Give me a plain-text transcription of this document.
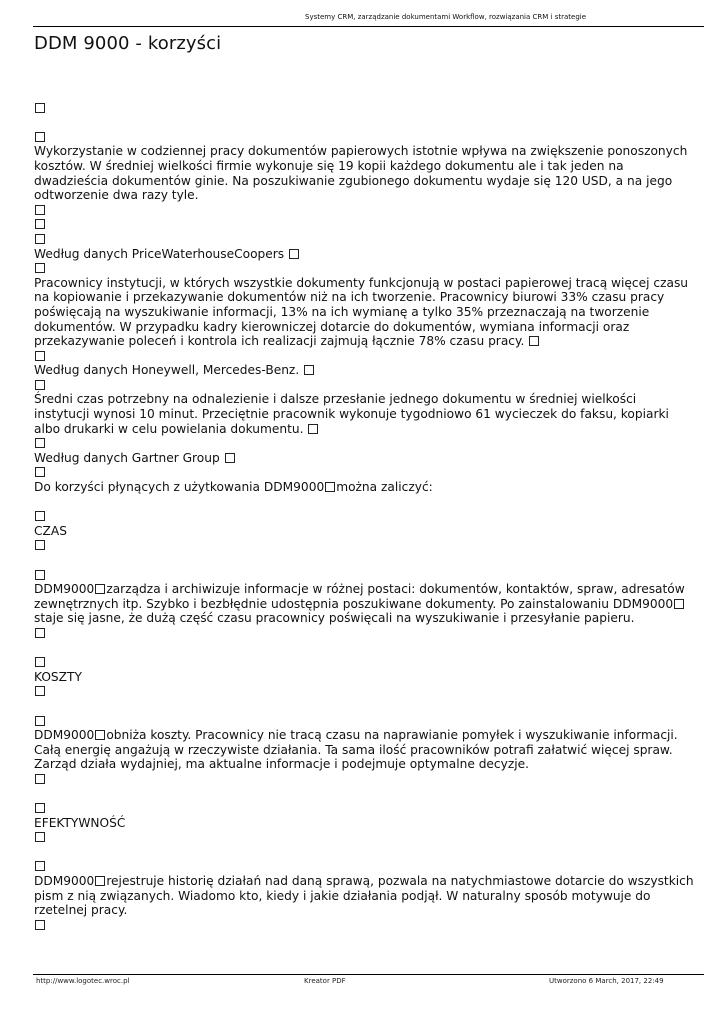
Systemy CRM, zarządzanie dokumentami Workflow, rozwiązania CRM i strategie
DDM 9000 - korzyści
Wykorzystanie w codziennej pracy dokumentów papierowych istotnie wpływa na zwiększenie ponoszonych kosztów. W średniej wielkości firmie wykonuje się 19 kopii każdego dokumentu ale i tak jeden na dwadzieścia dokumentów ginie. Na poszukiwanie zgubionego dokumentu wydaje się 120 USD, a na jego odtworzenie dwa razy tyle.
Według danych PriceWaterhouseCoopers
Pracownicy instytucji, w których wszystkie dokumenty funkcjonują w postaci papierowej tracą więcej czasu na kopiowanie i przekazywanie dokumentów niż na ich tworzenie. Pracownicy biurowi 33% czasu pracy poświęcają na wyszukiwanie informacji, 13% na ich wymianę a tylko 35% przeznaczają na tworzenie dokumentów. W przypadku kadry kierowniczej dotarcie do dokumentów, wymiana informacji oraz przekazywanie poleceń i kontrola ich realizacji zajmują łącznie 78% czasu pracy.
Według danych Honeywell, Mercedes-Benz.
Średni czas potrzebny na odnalezienie i dalsze przesłanie jednego dokumentu w średniej wielkości instytucji wynosi 10 minut. Przeciętnie pracownik wykonuje tygodniowo 61 wycieczek do faksu, kopiarki albo drukarki w celu powielania dokumentu.
Według danych Gartner Group
Do korzyści płynących z użytkowania DDM9000 można zaliczyć:
CZAS
DDM9000 zarządza i archiwizuje informacje w różnej postaci: dokumentów, kontaktów, spraw, adresatów zewnętrznych itp. Szybko i bezbłędnie udostępnia poszukiwane dokumenty. Po zainstalowaniu DDM9000staje się jasne, że dużą część czasu pracownicy poświęcali na wyszukiwanie i przesyłanie papieru.
KOSZTY
DDM9000 obniża koszty. Pracownicy nie tracą czasu na naprawianie pomyłek i wyszukiwanie informacji. Całą energię angażują w rzeczywiste działania. Ta sama ilość pracowników potrafi załatwić więcej spraw. Zarząd działa wydajniej, ma aktualne informacje i podejmuje optymalne decyzje.
EFEKTYWNOŚĆ
DDM9000 rejestruje historię działań nad daną sprawą, pozwala na natychmiastowe dotarcie do wszystkich pism z nią związanych. Wiadomo kto, kiedy i jakie działania podjął. W naturalny sposób motywuje do rzetelnej pracy.
http://www.logotec.wroc.pl	Kreator PDF	Utworzono 6 March, 2017, 22:49
